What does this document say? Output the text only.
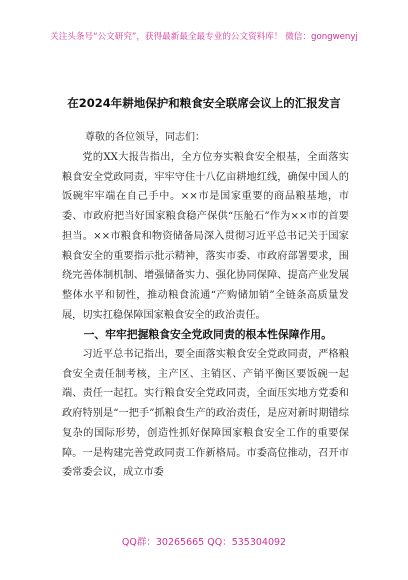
关注头条号“公文研究”，获得最新最全最专业的公文资料库！ 微信：gongwenyj
在2024年耕地保护和粮食安全联席会议上的汇报发言
尊敬的各位领导，同志们：

党的XX大报告指出，全方位夯实粮食安全根基，全面落实粮食安全党政同责，牢牢守住十八亿亩耕地红线，确保中国人的饭碗牢牢端在自己手中。××市是国家重要的商品粮基地，市委、市政府把当好国家粮食稳产保供“压舱石”作为××市的首要担当。××市粮食和物资储备局深入贯彻习近平总书记关于国家粮食安全的重要指示批示精神，落实市委、市政府部署要求，围绕完善体制机制、增强储备实力、强化协同保障、提高产业发展整体水平和韧性，推动粮食流通“产购储加销”全链条高质量发展，切实扛稳保障国家粮食安全的政治责任。

一、牢牢把握粮食安全党政同责的根本性保障作用。

习近平总书记指出，要全面落实粮食安全党政同责，严格粮食安全责任制考核，主产区、主销区、产销平衡区要饭碗一起端、责任一起扛。实行粮食安全党政同责，全面压实地方党委和政府特别是“一把手”抓粮食生产的政治责任，是应对新时期错综复杂的国际形势，创造性抓好保障国家粮食安全工作的重要保障。一是构建完善党政同责工作新格局。市委高位推动，召开市委常委会议，成立市委

QQ群：30265665 QQ：535304092
